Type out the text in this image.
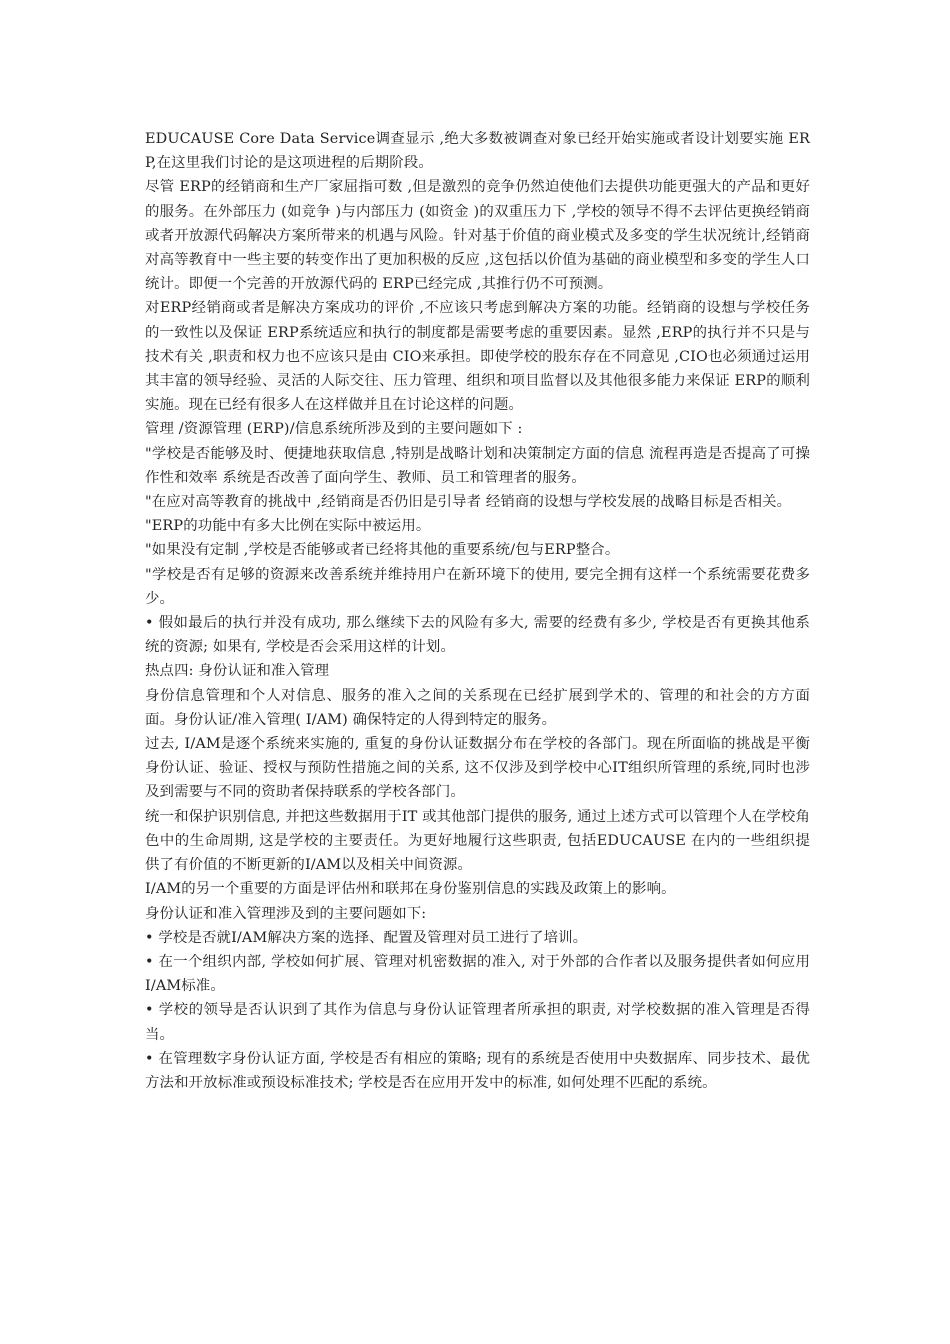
EDUCAUSE Core Data Service调查显示 ,绝大多数被调查对象已经开始实施或者设计划要实施 ERP,在这里我们讨论的是这项进程的后期阶段。

尽管 ERP的经销商和生产厂家屈指可数 ,但是激烈的竞争仍然迫使他们去提供功能更强大的产品和更好的服务。在外部压力 (如竞争 )与内部压力 (如资金 )的双重压力下 ,学校的领导不得不去评估更换经销商或者开放源代码解决方案所带来的机遇与风险。针对基于价值的商业模式及多变的学生状况统计,经销商对高等教育中一些主要的转变作出了更加积极的反应 ,这包括以价值为基础的商业模型和多变的学生人口统计。即便一个完善的开放源代码的 ERP已经完成 ,其推行仍不可预测。

对ERP经销商或者是解决方案成功的评价 ,不应该只考虑到解决方案的功能。经销商的设想与学校任务的一致性以及保证 ERP系统适应和执行的制度都是需要考虑的重要因素。显然 ,ERP的执行并不只是与技术有关 ,职责和权力也不应该只是由 CIO来承担。即使学校的股东存在不同意见 ,CIO也必须通过运用其丰富的领导经验、灵活的人际交往、压力管理、组织和项目监督以及其他很多能力来保证 ERP的顺利实施。现在已经有很多人在这样做并且在讨论这样的问题。

管理 /资源管理 (ERP)/信息系统所涉及到的主要问题如下 :

"学校是否能够及时、便捷地获取信息 ,特别是战略计划和决策制定方面的信息 流程再造是否提高了可操作性和效率 系统是否改善了面向学生、教师、员工和管理者的服务。

"在应对高等教育的挑战中 ,经销商是否仍旧是引导者 经销商的设想与学校发展的战略目标是否相关。

"ERP的功能中有多大比例在实际中被运用。

"如果没有定制 ,学校是否能够或者已经将其他的重要系统/包与ERP整合。

"学校是否有足够的资源来改善系统并维持用户在新环境下的使用, 要完全拥有这样一个系统需要花费多少。

• 假如最后的执行并没有成功, 那么继续下去的风险有多大, 需要的经费有多少, 学校是否有更换其他系统的资源; 如果有, 学校是否会采用这样的计划。

热点四: 身份认证和准入管理

身份信息管理和个人对信息、服务的准入之间的关系现在已经扩展到学术的、管理的和社会的方方面面。身份认证/准入管理( I/AM) 确保特定的人得到特定的服务。

过去, I/AM是逐个系统来实施的, 重复的身份认证数据分布在学校的各部门。现在所面临的挑战是平衡身份认证、验证、授权与预防性措施之间的关系, 这不仅涉及到学校中心IT组织所管理的系统,同时也涉及到需要与不同的资助者保持联系的学校各部门。

统一和保护识别信息, 并把这些数据用于IT 或其他部门提供的服务, 通过上述方式可以管理个人在学校角色中的生命周期, 这是学校的主要责任。为更好地履行这些职责, 包括EDUCAUSE 在内的一些组织提供了有价值的不断更新的I/AM以及相关中间资源。

I/AM的另一个重要的方面是评估州和联邦在身份鉴别信息的实践及政策上的影响。

身份认证和准入管理涉及到的主要问题如下:

• 学校是否就I/AM解决方案的选择、配置及管理对员工进行了培训。

• 在一个组织内部, 学校如何扩展、管理对机密数据的准入, 对于外部的合作者以及服务提供者如何应用I/AM标准。

• 学校的领导是否认识到了其作为信息与身份认证管理者所承担的职责, 对学校数据的准入管理是否得当。

• 在管理数字身份认证方面, 学校是否有相应的策略; 现有的系统是否使用中央数据库、同步技术、最优方法和开放标准或预设标准技术; 学校是否在应用开发中的标准, 如何处理不匹配的系统。
